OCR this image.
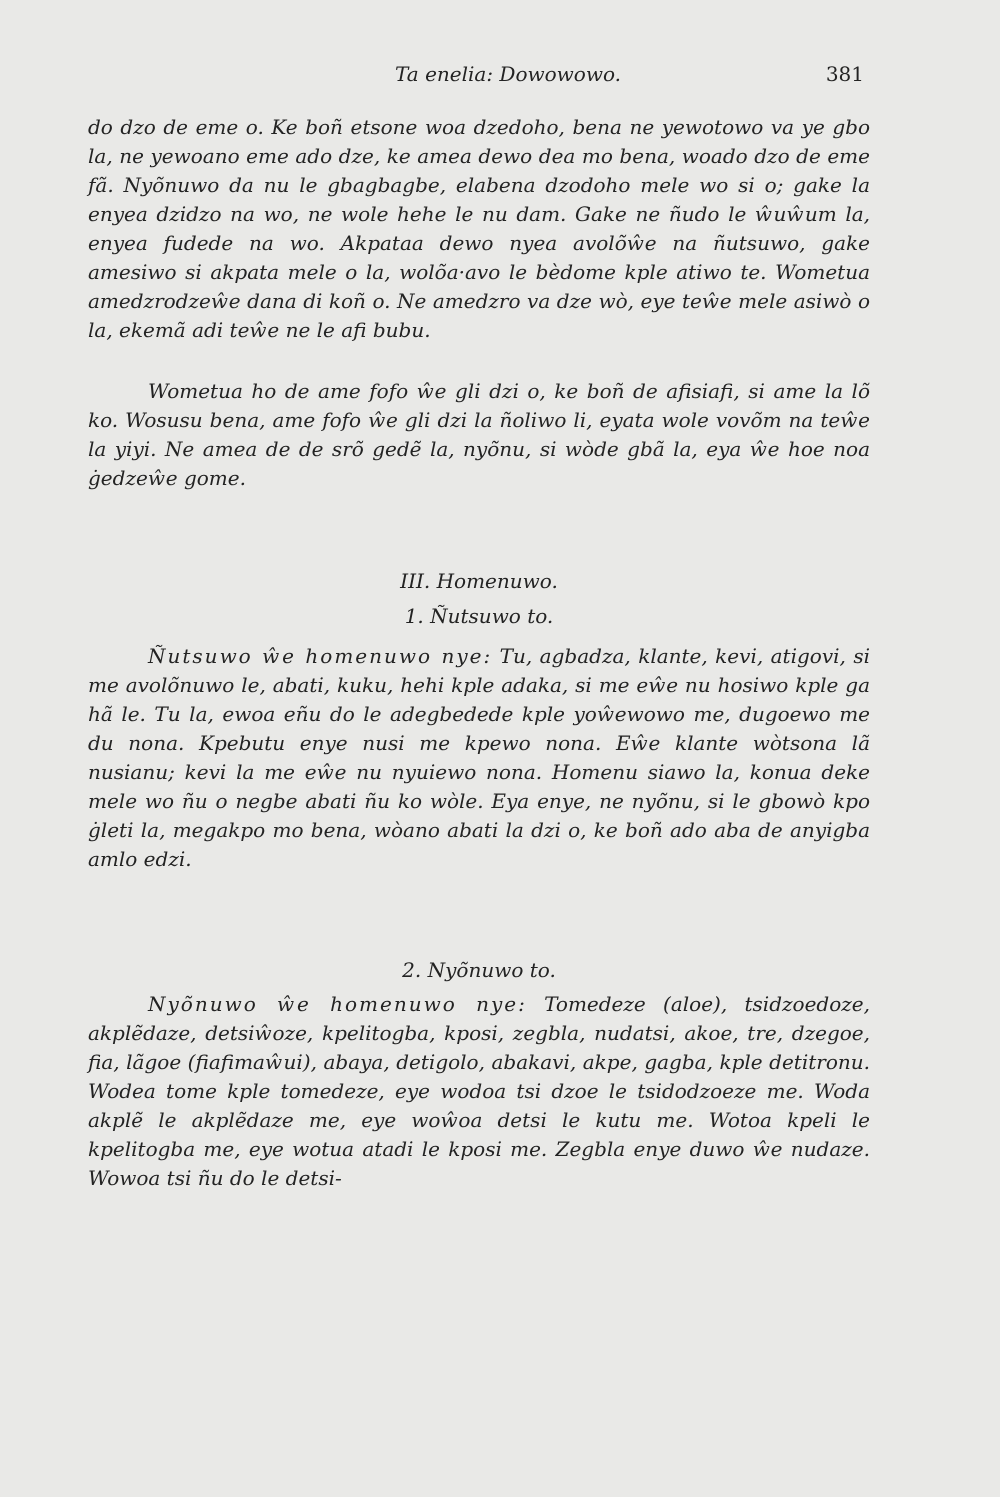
Ta enelia: Dowowowo.	381

do dzo de eme o. Ke boñ etsone woa dzedoho, bena ne yewotowo va ye gbo la, ne yewoano eme ado dze, ke amea dewo dea mo bena, woado dzo de eme fã. Nyõnuwo da nu le gbagbagbe, elabena dzodoho mele wo si o; gake la enyea dzidzo na wo, ne wole hehe le nu dam. Gake ne ñudo le ŵuŵum la, enyea fudede na wo. Akpataa dewo nyea avolõŵe na ñutsuwo, gake amesiwo si akpata mele o la, wolõa·avo le bèdome kple atiwo te. Wometua amedzrodzeŵe dana di koñ o. Ne amedzro va dze wò, eye teŵe mele asiwò o la, ekemã adi teŵe ne le afi bubu.

Wometua ho de ame fofo ŵe gli dzi o, ke boñ de afisiafi, si ame la lõ ko. Wosusu bena, ame fofo ŵe gli dzi la ñoliwo li, eyata wole vovõm na teŵe la yiyi. Ne amea de de srõ gedẽ la, nyõnu, si wòde gbã la, eya ŵe hoe noa ġedzeŵe gome.

III. Homenuwo.
1. Ñutsuwo to.

Ñutsuwo ŵe homenuwo nye: Tu, agbadza, klante, kevi, atigovi, si me avolõnuwo le, abati, kuku, hehi kple adaka, si me eŵe nu hosiwo kple ga hã le. Tu la, ewoa eñu do le adegbedede kple yoŵewowo me, dugoewo me du nona. Kpebutu enye nusi me kpewo nona. Eŵe klante wòtsona lã nusianu; kevi la me eŵe nu nyuiewo nona. Homenu siawo la, konua deke mele wo ñu o negbe abati ñu ko wòle. Eya enye, ne nyõnu, si le gbowò kpo ġleti la, megakpo mo bena, wòano abati la dzi o, ke boñ ado aba de anyigba amlo edzi.

2. Nyõnuwo to.

Nyõnuwo ŵe homenuwo nye: Tomedeze (aloe), tsidzoedoze, akplẽdaze, detsiŵoze, kpelitogba, kposi, zegbla, nudatsi, akoe, tre, dzegoe, fia, lãgoe (fiafimaŵui), abaya, detigolo, abakavi, akpe, gagba, kple detitronu. Wodea tome kple tomedeze, eye wodoa tsi dzoe le tsidodzoeze me. Woda akplẽ le akplẽdaze me, eye woŵoa detsi le kutu me. Wotoa kpeli le kpelitogba me, eye wotua atadi le kposi me. Zegbla enye duwo ŵe nudaze. Wowoa tsi ñu do le detsi-
